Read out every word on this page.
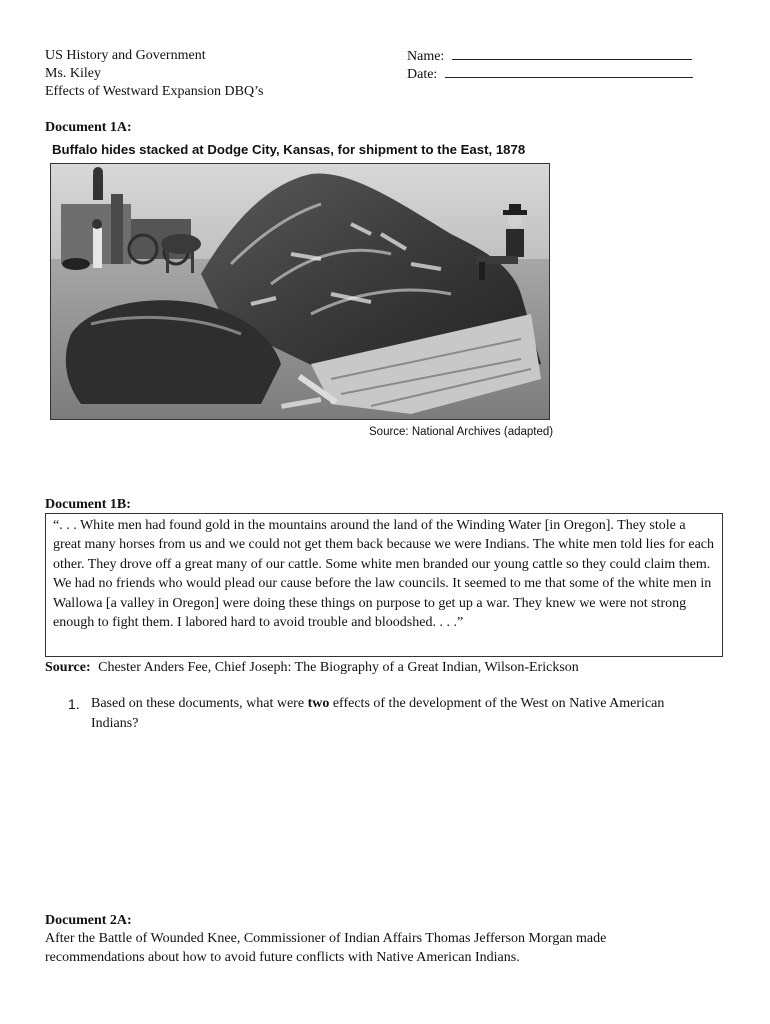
US History and Government
Ms. Kiley
Effects of Westward Expansion DBQ’s
Name:
Date:
Document 1A:
Buffalo hides stacked at Dodge City, Kansas, for shipment to the East, 1878
Source: National Archives (adapted)
Document 1B:

“. . . White men had found gold in the mountains around the land of the Winding Water [in Oregon]. They stole a great many horses from us and we could not get them back because we were Indians. The white men told lies for each other. They drove off a great many of our cattle. Some white men branded our young cattle so they could claim them. We had no friends who would plead our cause before the law councils. It seemed to me that some of the white men in Wallowa [a valley in Oregon] were doing these things on purpose to get up a war. They knew we were not strong enough to fight them. I labored hard to avoid trouble and bloodshed. . . .”

Source: Chester Anders Fee, Chief Joseph: The Biography of a Great Indian, Wilson-Erickson
1. Based on these documents, what were two effects of the development of the West on Native American
Indians?
Document 2A:
After the Battle of Wounded Knee, Commissioner of Indian Affairs Thomas Jefferson Morgan made
recommendations about how to avoid future conflicts with Native American Indians.
